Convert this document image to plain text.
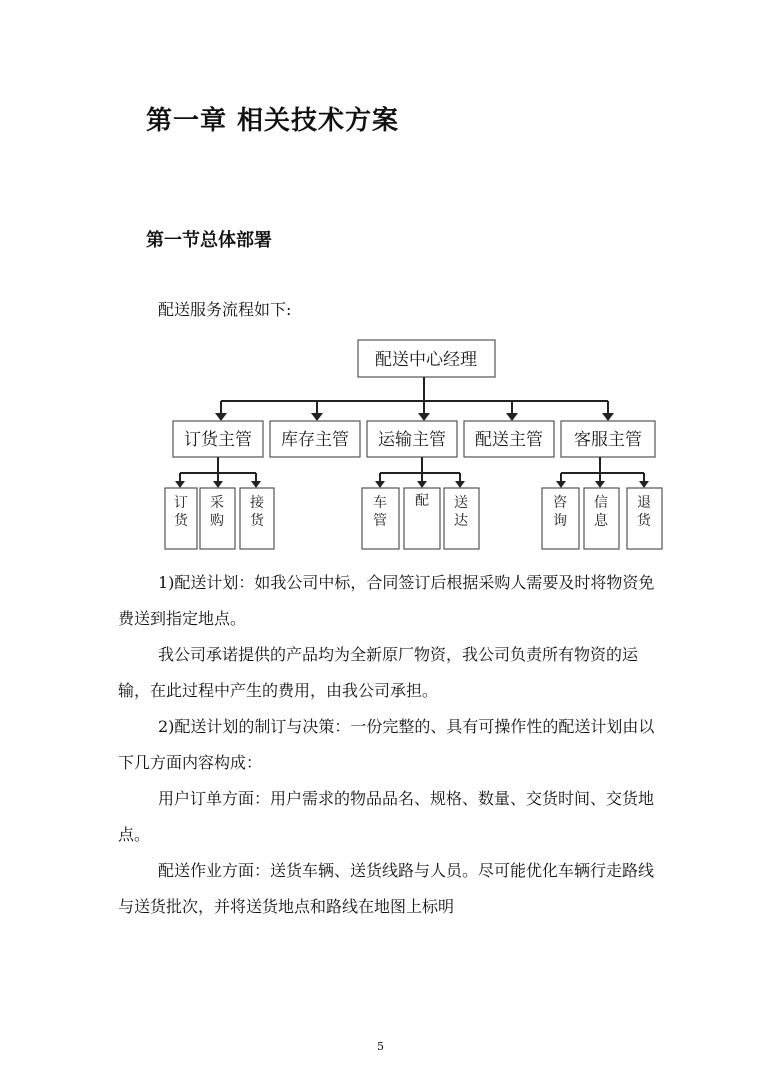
第一章 相关技术方案
第一节总体部署

配送服务流程如下:

配送中心经理
订货主管 库存主管 运输主管 配送主管 客服主管
订
货
采
购
接
货
车
管
配 送
达
咨
询
信
息
退
货

1)配送计划：如我公司中标，合同签订后根据采购人需要及时将物资免费送到指定地点。

我公司承诺提供的产品均为全新原厂物资，我公司负责所有物资的运输，在此过程中产生的费用，由我公司承担。

2)配送计划的制订与决策：一份完整的、具有可操作性的配送计划由以下几方面内容构成：

用户订单方面：用户需求的物品品名、规格、数量、交货时间、交货地点。

配送作业方面：送货车辆、送货线路与人员。尽可能优化车辆行走路线与送货批次，并将送货地点和路线在地图上标明

5
